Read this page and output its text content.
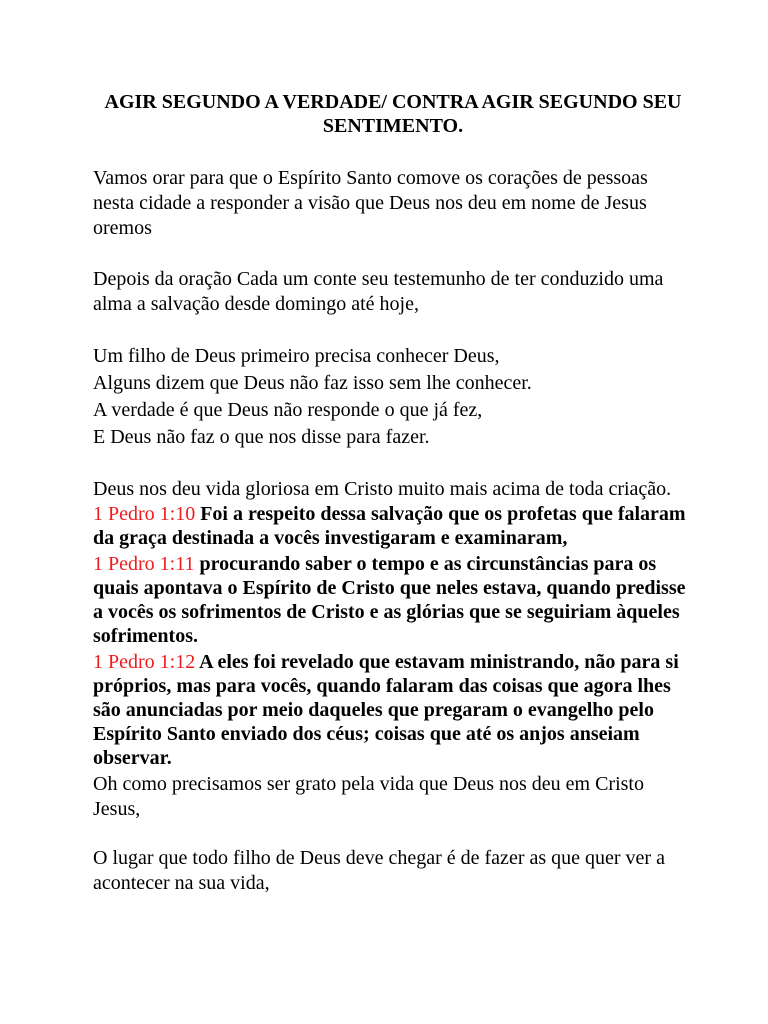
AGIR SEGUNDO A VERDADE/ CONTRA AGIR SEGUNDO SEU SENTIMENTO.

Vamos orar para que o Espírito Santo comove os corações de pessoas nesta cidade a responder a visão que Deus nos deu em nome de Jesus oremos

Depois da oração Cada um conte seu testemunho de ter conduzido uma alma a salvação desde domingo até hoje,

Um filho de Deus primeiro precisa conhecer Deus,
Alguns dizem que Deus não faz isso sem lhe conhecer.
A verdade é que Deus não responde o que já fez,
E Deus não faz o que nos disse para fazer.

Deus nos deu vida gloriosa em Cristo muito mais acima de toda criação.

1 Pedro 1:10 Foi a respeito dessa salvação que os profetas que falaram da graça destinada a vocês investigaram e examinaram,

1 Pedro 1:11 procurando saber o tempo e as circunstâncias para os quais apontava o Espírito de Cristo que neles estava, quando predisse a vocês os sofrimentos de Cristo e as glórias que se seguiriam àqueles sofrimentos.

1 Pedro 1:12 A eles foi revelado que estavam ministrando, não para si próprios, mas para vocês, quando falaram das coisas que agora lhes são anunciadas por meio daqueles que pregaram o evangelho pelo Espírito Santo enviado dos céus; coisas que até os anjos anseiam observar.

Oh como precisamos ser grato pela vida que Deus nos deu em Cristo Jesus,

O lugar que todo filho de Deus deve chegar é de fazer as que quer ver a acontecer na sua vida,
